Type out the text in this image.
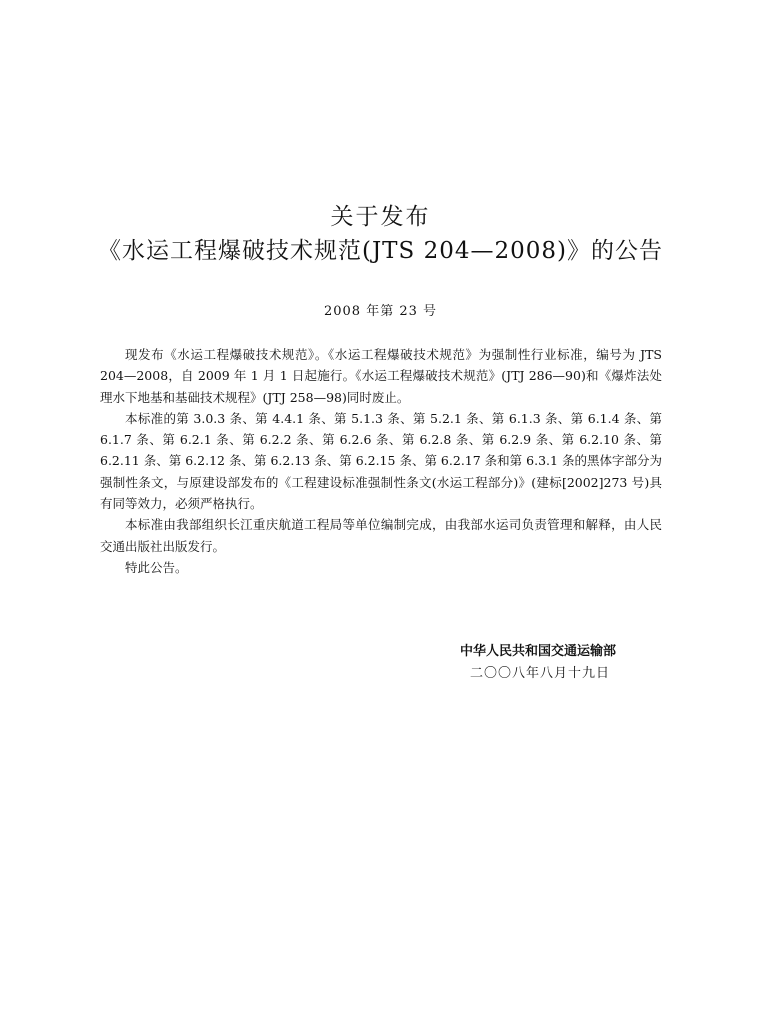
关于发布
《水运工程爆破技术规范(JTS 204—2008)》的公告
2008 年第 23 号

现发布《水运工程爆破技术规范》。《水运工程爆破技术规范》为强制性行业标准，编号为 JTS 204—2008，自 2009 年 1 月 1 日起施行。《水运工程爆破技术规范》(JTJ 286—90)和《爆炸法处理水下地基和基础技术规程》(JTJ 258—98)同时废止。

本标准的第 3.0.3 条、第 4.4.1 条、第 5.1.3 条、第 5.2.1 条、第 6.1.3 条、第 6.1.4 条、第 6.1.7 条、第 6.2.1 条、第 6.2.2 条、第 6.2.6 条、第 6.2.8 条、第 6.2.9 条、第 6.2.10 条、第 6.2.11 条、第 6.2.12 条、第 6.2.13 条、第 6.2.15 条、第 6.2.17 条和第 6.3.1 条的黑体字部分为强制性条文，与原建设部发布的《工程建设标准强制性条文(水运工程部分)》(建标[2002]273 号)具有同等效力，必须严格执行。

本标准由我部组织长江重庆航道工程局等单位编制完成，由我部水运司负责管理和解释，由人民交通出版社出版发行。

特此公告。

中华人民共和国交通运输部
二〇〇八年八月十九日
